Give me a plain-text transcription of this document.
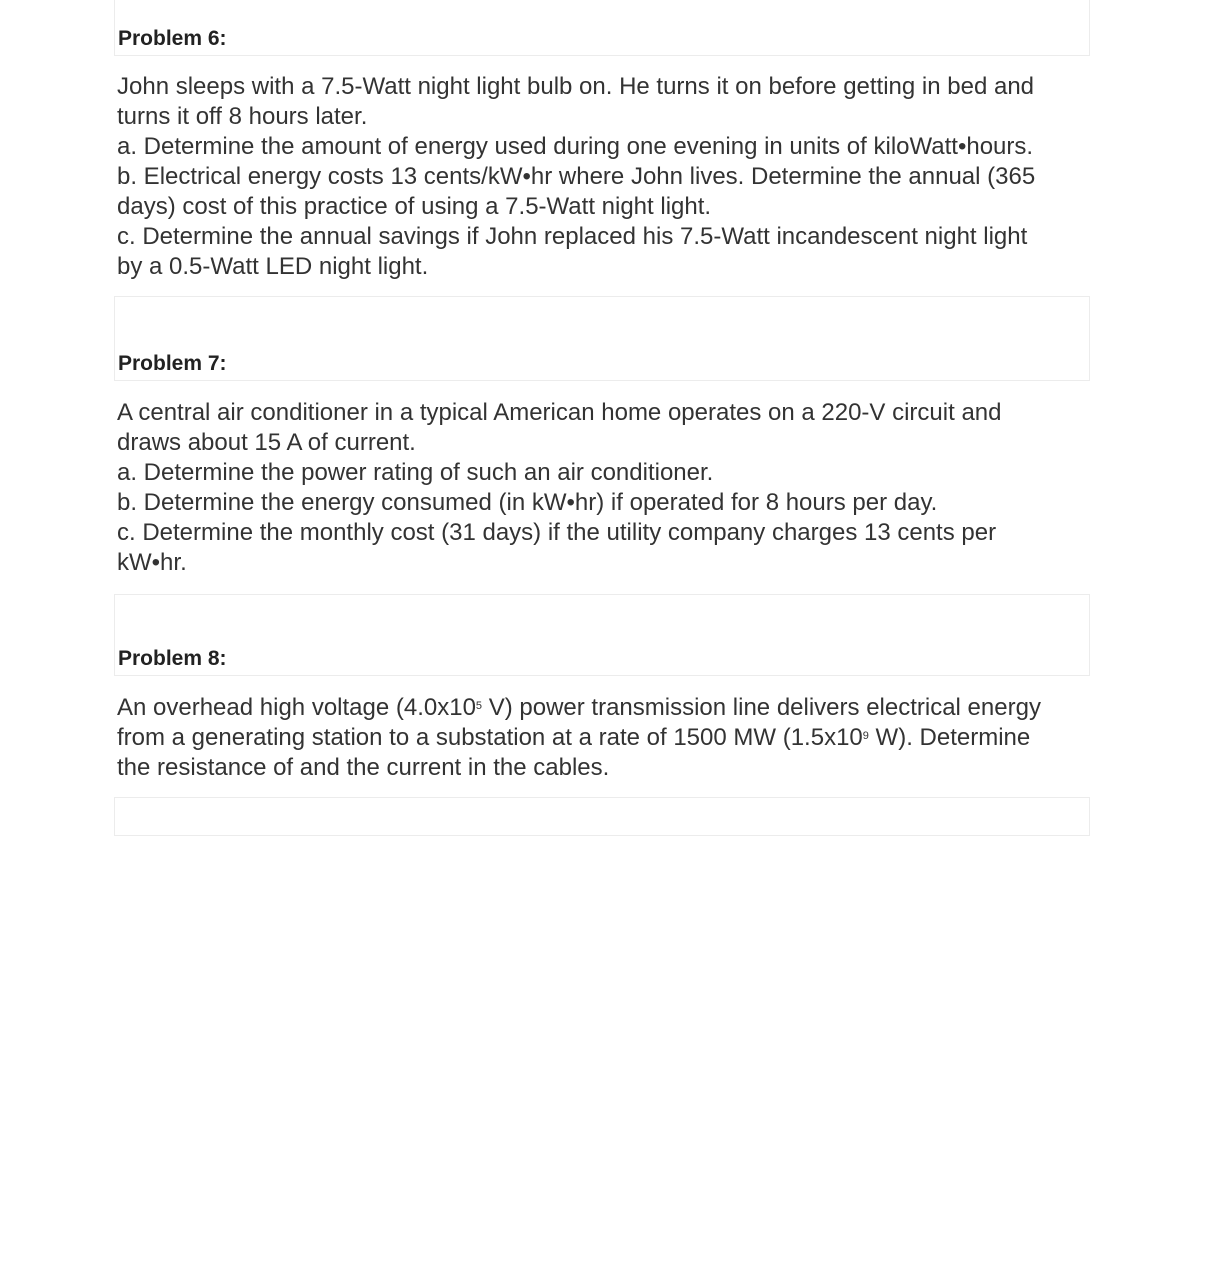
Problem 6:
John sleeps with a 7.5-Watt night light bulb on. He turns it on before getting in bed and
turns it off 8 hours later.
a. Determine the amount of energy used during one evening in units of kiloWatt•hours.
b. Electrical energy costs 13 cents/kW•hr where John lives. Determine the annual (365
days) cost of this practice of using a 7.5-Watt night light.
c. Determine the annual savings if John replaced his 7.5-Watt incandescent night light
by a 0.5-Watt LED night light.
Problem 7:
A central air conditioner in a typical American home operates on a 220-V circuit and
draws about 15 A of current.
a. Determine the power rating of such an air conditioner.
b. Determine the energy consumed (in kW•hr) if operated for 8 hours per day.
c. Determine the monthly cost (31 days) if the utility company charges 13 cents per
kW•hr.
Problem 8:
An overhead high voltage ($4.0x10^5$ V) power transmission line delivers electrical energy
from a generating station to a substation at a rate of 1500 MW ($1.5x10^9$ W). Determine
the resistance of and the current in the cables.
